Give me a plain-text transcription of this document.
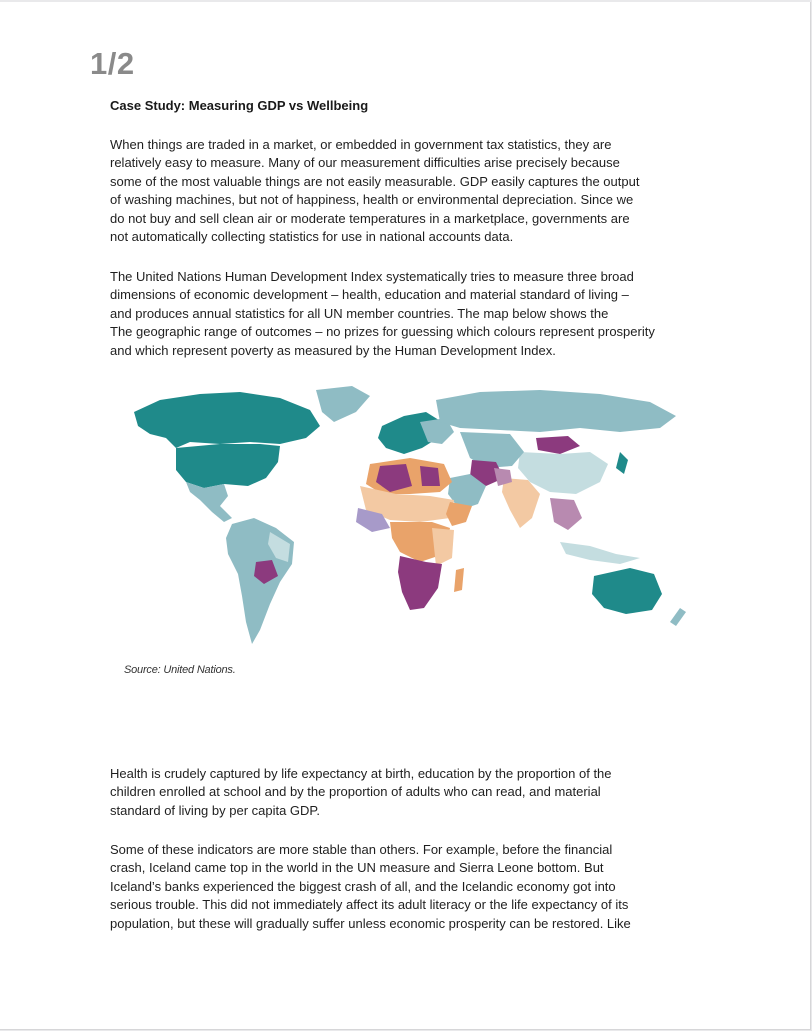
1/2
Case Study: Measuring GDP vs Wellbeing
When things are traded in a market, or embedded in government tax statistics, they are
relatively easy to measure. Many of our measurement difficulties arise precisely because
some of the most valuable things are not easily measurable. GDP easily captures the output
of washing machines, but not of happiness, health or environmental depreciation. Since we
do not buy and sell clean air or moderate temperatures in a marketplace, governments are
not automatically collecting statistics for use in national accounts data.
The United Nations Human Development Index systematically tries to measure three broad
dimensions of economic development – health, education and material standard of living –
and produces annual statistics for all UN member countries. The map below shows the
The geographic range of outcomes – no prizes for guessing which colours represent prosperity
and which represent poverty as measured by the Human Development Index.
Source: United Nations.
Health is crudely captured by life expectancy at birth, education by the proportion of the
children enrolled at school and by the proportion of adults who can read, and material
standard of living by per capita GDP.
Some of these indicators are more stable than others. For example, before the financial
crash, Iceland came top in the world in the UN measure and Sierra Leone bottom. But
Iceland’s banks experienced the biggest crash of all, and the Icelandic economy got into
serious trouble. This did not immediately affect its adult literacy or the life expectancy of its
population, but these will gradually suffer unless economic prosperity can be restored. Like
